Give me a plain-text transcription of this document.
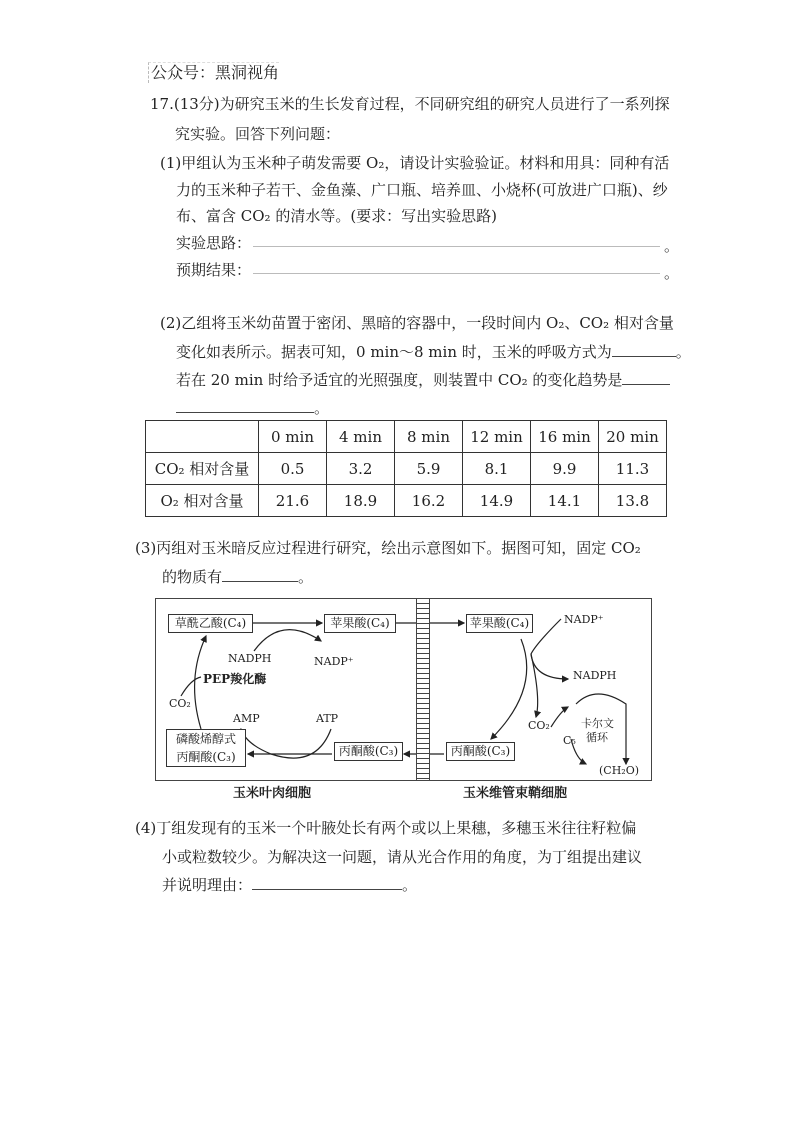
公众号：黑洞视角
17.(13分)为研究玉米的生长发育过程，不同研究组的研究人员进行了一系列探
究实验。回答下列问题：
(1)甲组认为玉米种子萌发需要 O₂，请设计实验验证。材料和用具：同种有活
力的玉米种子若干、金鱼藻、广口瓶、培养皿、小烧杯(可放进广口瓶)、纱
布、富含 CO₂ 的清水等。(要求：写出实验思路)
实验思路：	。
预期结果：	。
(2)乙组将玉米幼苗置于密闭、黑暗的容器中，一段时间内 O₂、CO₂ 相对含量
变化如表所示。据表可知，0 min～8 min 时，玉米的呼吸方式为	。
若在 20 min 时给予适宜的光照强度，则装置中 CO₂ 的变化趋势是
。
	0 min	4 min	8 min	12 min	16 min	20 min
CO₂ 相对含量	0.5	3.2	5.9	8.1	9.9	11.3
O₂ 相对含量	21.6	18.9	16.2	14.9	14.1	13.8
(3)丙组对玉米暗反应过程进行研究，绘出示意图如下。据图可知，固定 CO₂
的物质有	。
草酰乙酸(C₄)	苹果酸(C₄)	苹果酸(C₄)
NADPH	NADP⁺
PEP羧化酶
CO₂
AMP	ATP
磷酸烯醇式
丙酮酸(C₃)	丙酮酸(C₃)	丙酮酸(C₃)
NADP⁺
NADPH
CO₂	卡尔文
循环
C₅
(CH₂O)
玉米叶肉细胞	玉米维管束鞘细胞
(4)丁组发现有的玉米一个叶腋处长有两个或以上果穗，多穗玉米往往籽粒偏
小或粒数较少。为解决这一问题，请从光合作用的角度，为丁组提出建议
并说明理由：	。
